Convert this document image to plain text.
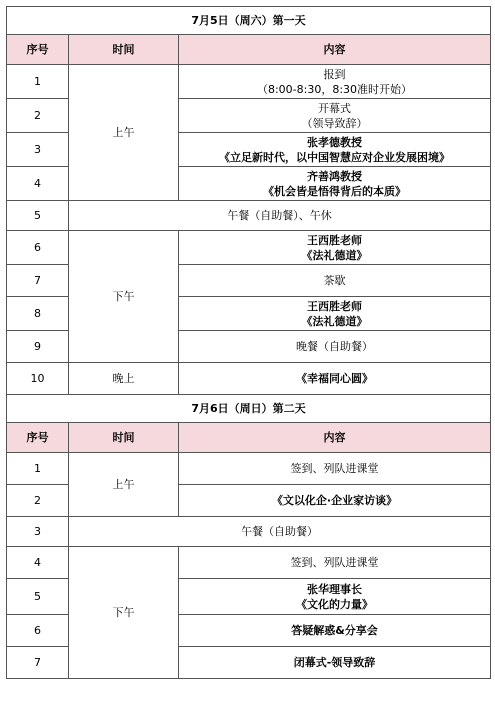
7月5日（周六）第一天		
序号	时间	内容
1	上午	报到
（8:00-8:30，8:30准时开始）

2		开幕式
（领导致辞）

3		张孝德教授
《立足新时代，以中国智慧应对企业发展困境》

4		齐善鸿教授
《机会皆是悟得背后的本质》

5	午餐（自助餐）、午休	
6	下午	王西胜老师
《法礼德道》

7		茶歇
8		王西胜老师
《法礼德道》

9		晚餐（自助餐）
10	晚上	《幸福同心圆》
7月6日（周日）第二天		
序号	时间	内容
1	上午	签到、列队进课堂
2		《文以化企·企业家访谈》
3	午餐（自助餐）	
4	下午	签到、列队进课堂
5		张华理事长
《文化的力量》

6		答疑解惑&分享会
7		闭幕式-领导致辞
